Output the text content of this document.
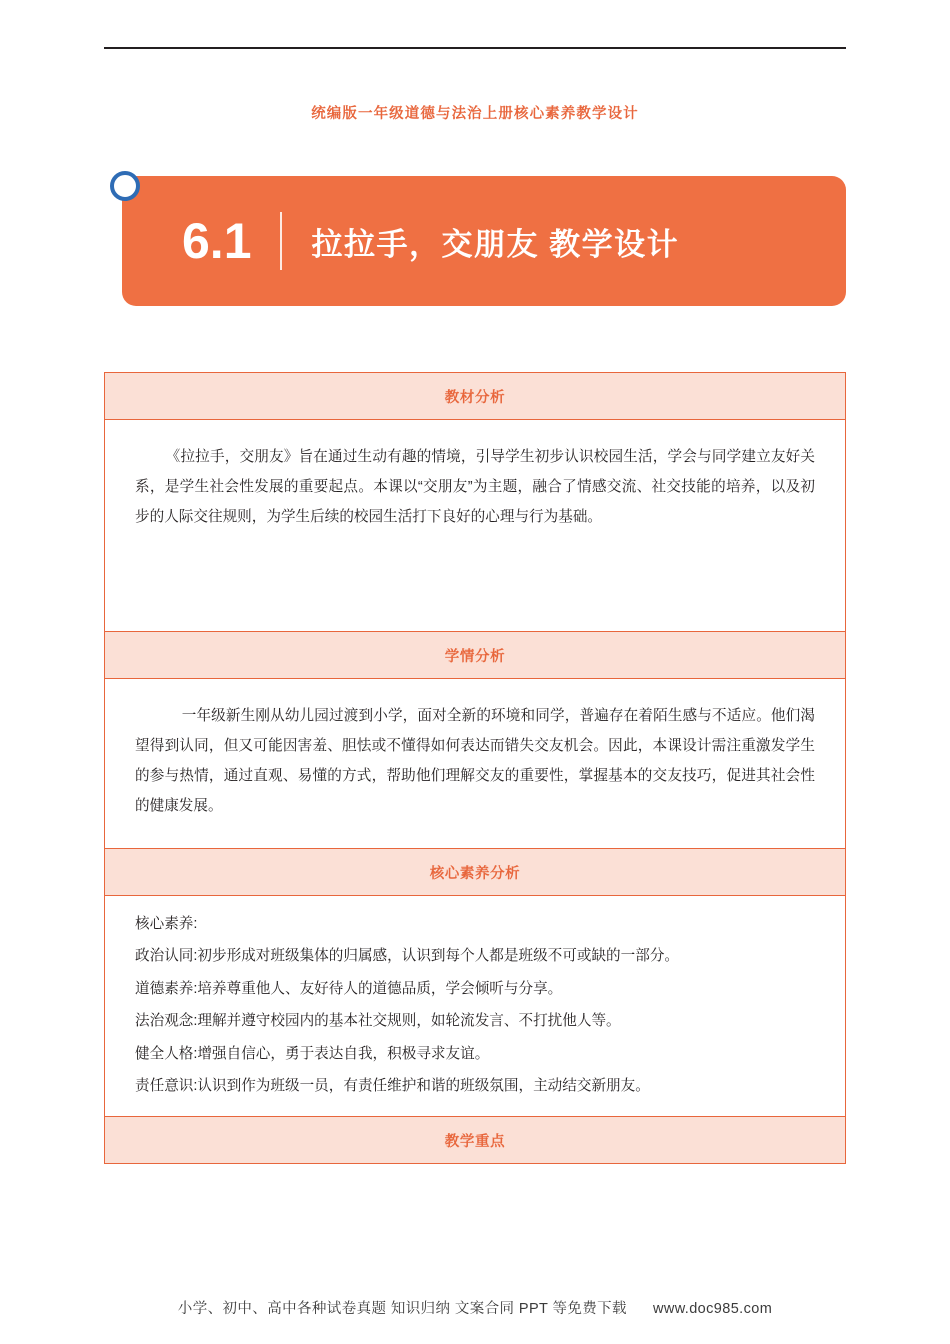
统编版一年级道德与法治上册核心素养教学设计
6.1 拉拉手，交朋友 教学设计
教材分析

《拉拉手，交朋友》旨在通过生动有趣的情境，引导学生初步认识校园生活，学会与同学建立友好关系，是学生社会性发展的重要起点。本课以“交朋友”为主题，融合了情感交流、社交技能的培养，以及初步的人际交往规则，为学生后续的校园生活打下良好的心理与行为基础。

学情分析

一年级新生刚从幼儿园过渡到小学，面对全新的环境和同学，普遍存在着陌生感与不适应。他们渴望得到认同，但又可能因害羞、胆怯或不懂得如何表达而错失交友机会。因此，本课设计需注重激发学生的参与热情，通过直观、易懂的方式，帮助他们理解交友的重要性，掌握基本的交友技巧，促进其社会性的健康发展。

核心素养分析

核心素养:

政治认同:初步形成对班级集体的归属感，认识到每个人都是班级不可或缺的一部分。

道德素养:培养尊重他人、友好待人的道德品质，学会倾听与分享。

法治观念:理解并遵守校园内的基本社交规则，如轮流发言、不打扰他人等。

健全人格:增强自信心，勇于表达自我，积极寻求友谊。

责任意识:认识到作为班级一员，有责任维护和谐的班级氛围，主动结交新朋友。

教学重点
小学、初中、高中各种试卷真题 知识归纳 文案合同 PPT 等免费下载 www.doc985.com
